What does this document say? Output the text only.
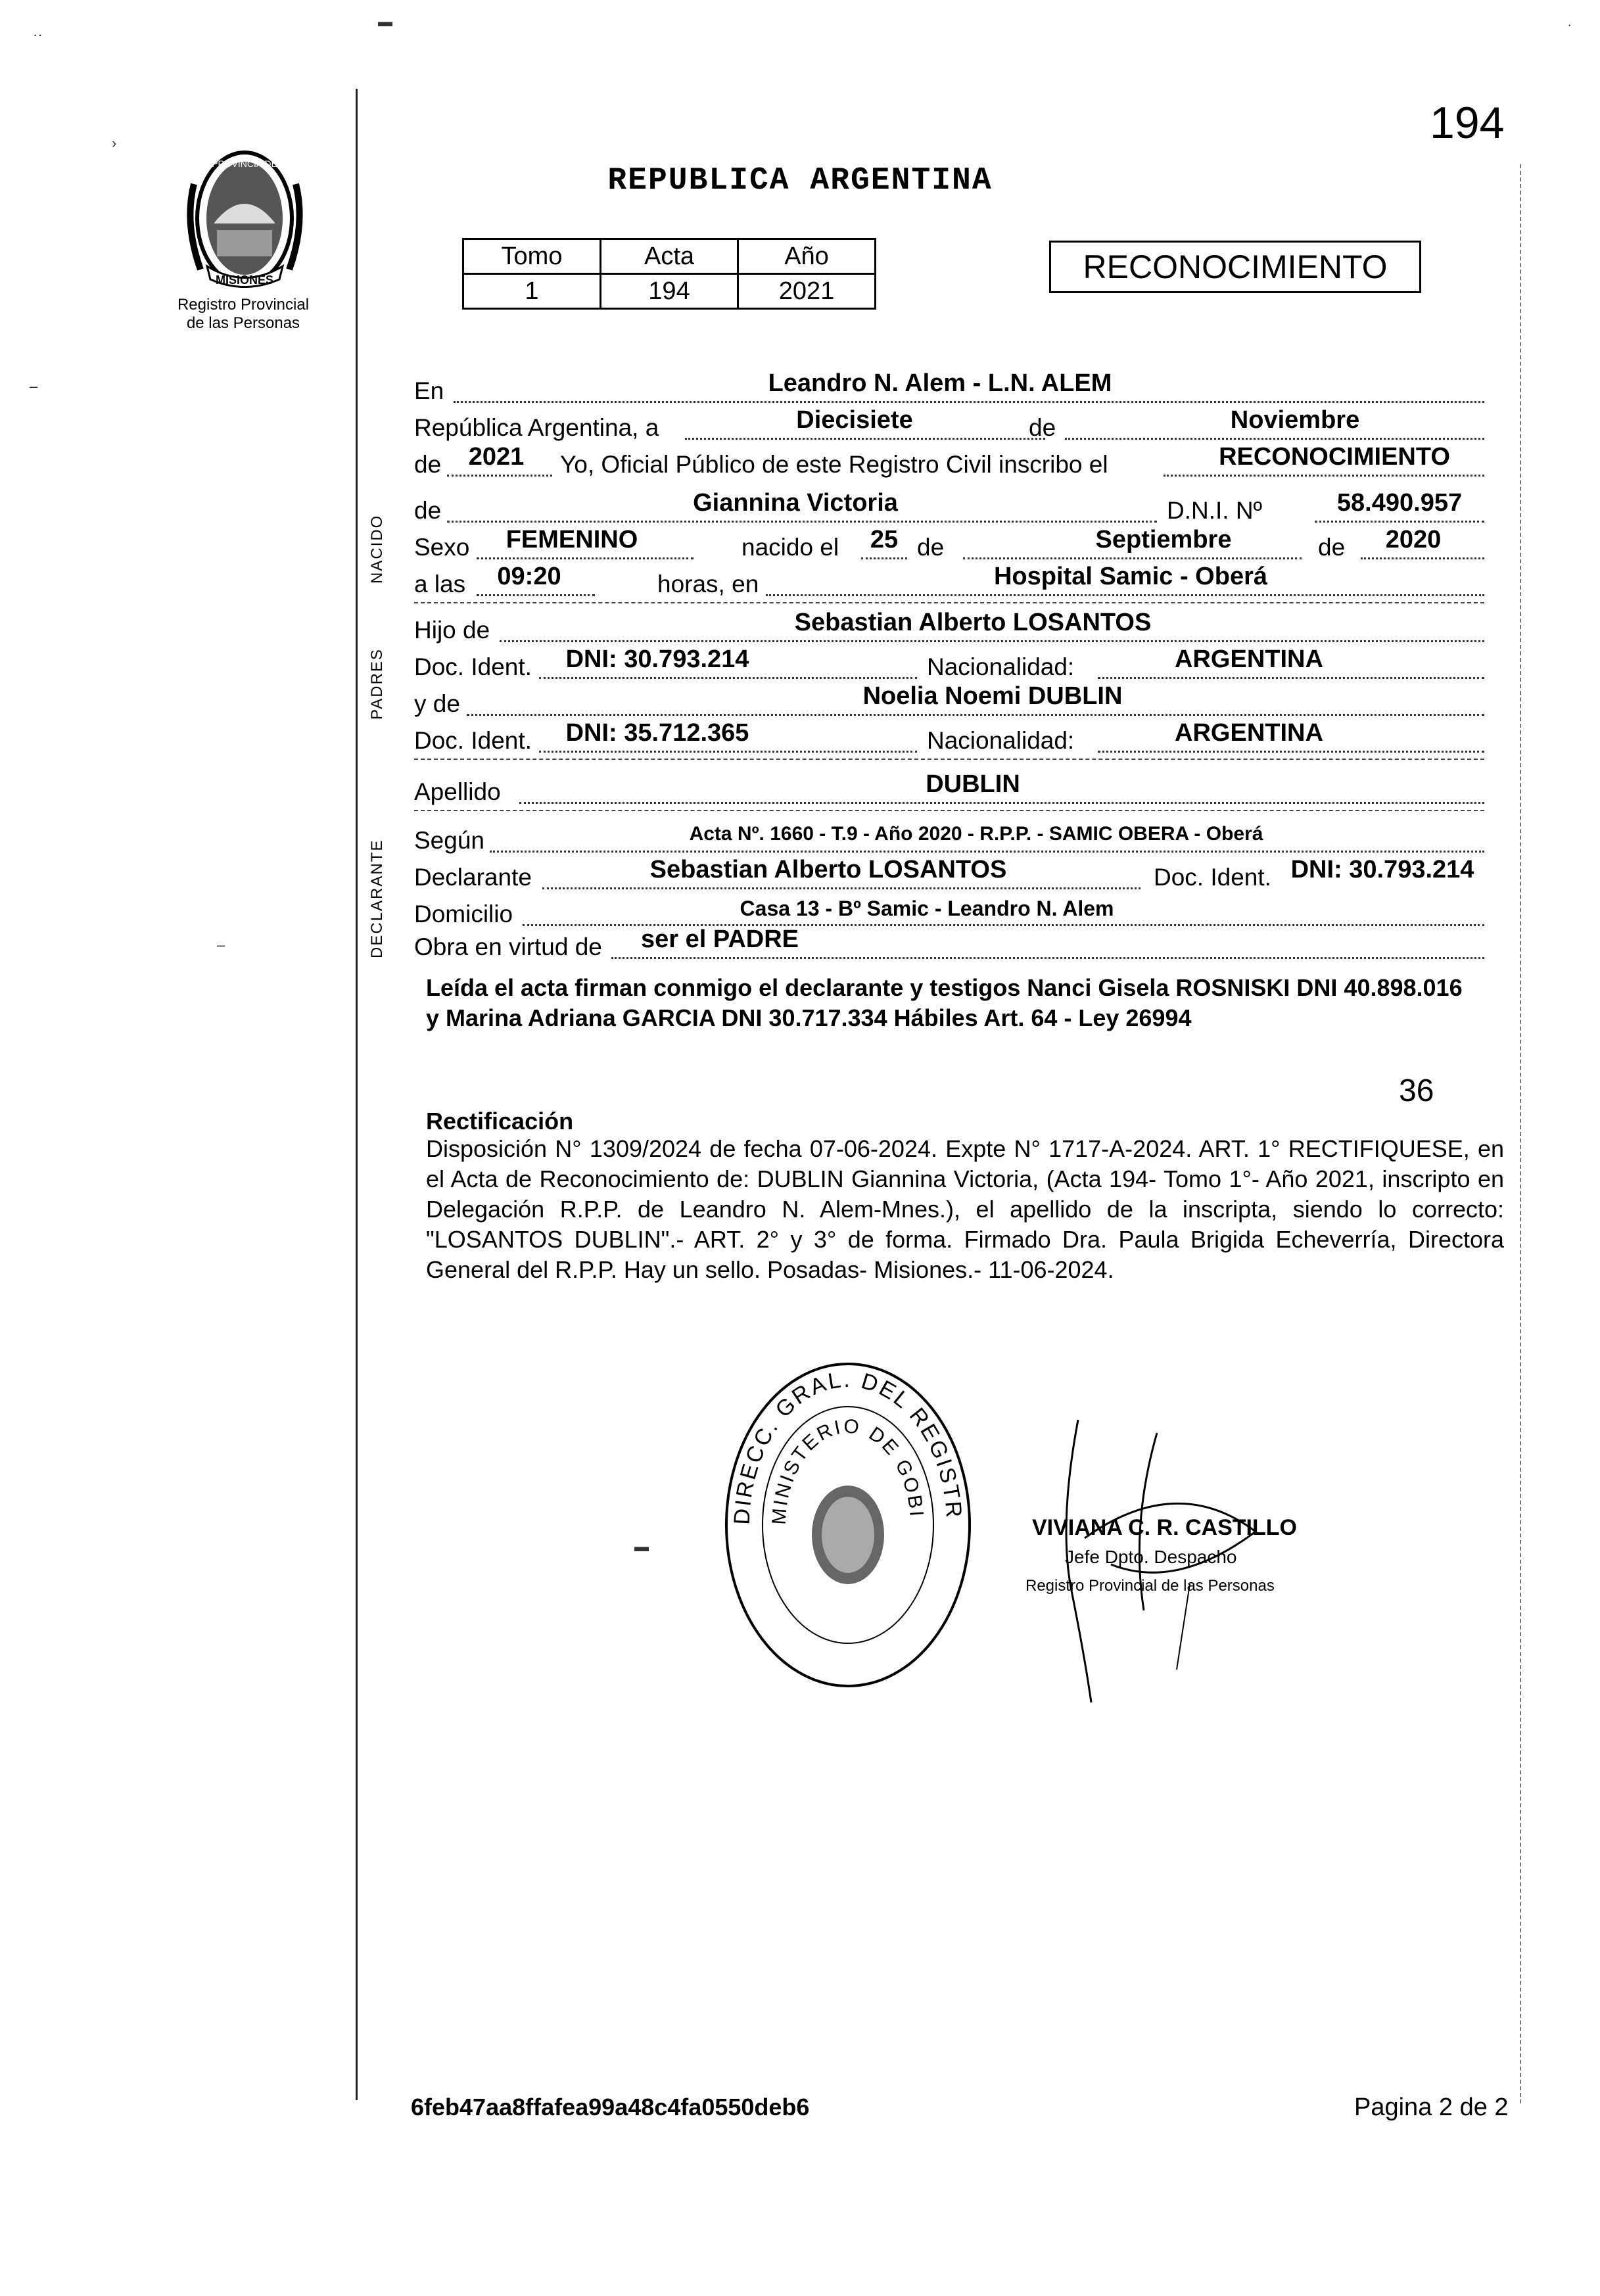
··
▬
›
·
–
–
▬
194
MISIONES
PROVINCIA DE
Registro Provincial
de las Personas
REPUBLICA ARGENTINA
Tomo	Acta	Año
1	194	2021
RECONOCIMIENTO
NACIDO
PADRES
DECLARANTE
En	Leandro N. Alem - L.N. ALEM
República Argentina, a	Diecisiete	de	Noviembre
de	2021	Yo, Oficial Público de este Registro Civil inscribo el	RECONOCIMIENTO
de	Giannina Victoria	D.N.I. Nº	58.490.957
Sexo	FEMENINO	nacido el	25 de	Septiembre	de	2020
a las	09:20	horas, en	Hospital Samic - Oberá
Hijo de	Sebastian Alberto LOSANTOS
Doc. Ident.	DNI: 30.793.214	Nacionalidad:	ARGENTINA
y de	Noelia Noemi DUBLIN
Doc. Ident.	DNI: 35.712.365	Nacionalidad:	ARGENTINA
Apellido	DUBLIN
Según	Acta Nº. 1660 - T.9 - Año 2020 - R.P.P. - SAMIC OBERA - Oberá
Declarante	Sebastian Alberto LOSANTOS	Doc. Ident. DNI: 30.793.214
Domicilio	Casa 13 - Bº Samic - Leandro N. Alem
Obra en virtud de	ser el PADRE
Leída el acta firman conmigo el declarante y testigos Nanci Gisela ROSNISKI DNI 40.898.016 y Marina Adriana GARCIA DNI 30.717.334 Hábiles Art. 64 - Ley 26994
36
Rectificación
Disposición N° 1309/2024 de fecha 07-06-2024. Expte N° 1717-A-2024. ART. 1° RECTIFIQUESE, en el Acta de Reconocimiento de: DUBLIN Giannina Victoria, (Acta 194- Tomo 1°- Año 2021, inscripto en Delegación R.P.P. de Leandro N. Alem-Mnes.), el apellido de la inscripta, siendo lo correcto: "LOSANTOS DUBLIN".- ART. 2° y 3° de forma. Firmado Dra. Paula Brigida Echeverría, Directora General del R.P.P. Hay un sello. Posadas- Misiones.- 11-06-2024.
DIRECC. GRAL. DEL REGISTR
MINISTERIO DE GOBI
VIVIANA C. R. CASTILLO
Jefe Dpto. Despacho
Registro Provincial de las Personas
6feb47aa8ffafea99a48c4fa0550deb6	Pagina 2 de 2
